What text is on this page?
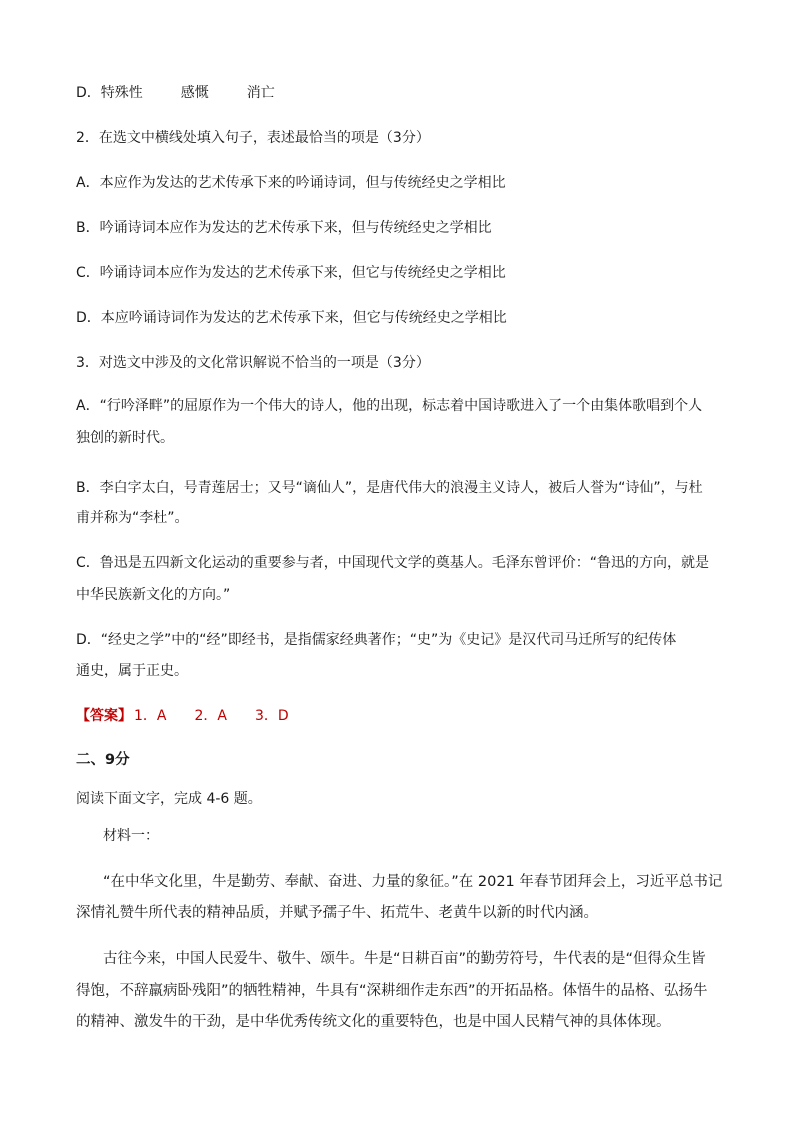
D．特殊性	感慨	消亡
2．在选文中横线处填入句子，表述最恰当的项是（3分）
A．本应作为发达的艺术传承下来的吟诵诗词，但与传统经史之学相比
B．吟诵诗词本应作为发达的艺术传承下来，但与传统经史之学相比
C．吟诵诗词本应作为发达的艺术传承下来，但它与传统经史之学相比
D．本应吟诵诗词作为发达的艺术传承下来，但它与传统经史之学相比
3．对选文中涉及的文化常识解说不恰当的一项是（3分）
A．“行吟泽畔”的屈原作为一个伟大的诗人，他的出现，标志着中国诗歌进入了一个由集体歌唱到个人
独创的新时代。
B．李白字太白，号青莲居士；又号“谪仙人”，是唐代伟大的浪漫主义诗人，被后人誉为“诗仙”，与杜
甫并称为“李杜”。
C．鲁迅是五四新文化运动的重要参与者，中国现代文学的奠基人。毛泽东曾评价：“鲁迅的方向，就是
中华民族新文化的方向。”
D．“经史之学”中的“经”即经书，是指儒家经典著作；“史”为《史记》是汉代司马迁所写的纪传体
通史，属于正史。
【答案】 1．A　　2．A　　3．D
二、9分
阅读下面文字，完成 4-6 题。
材料一：
“在中华文化里，牛是勤劳、奉献、奋进、力量的象征。”在 2021 年春节团拜会上，习近平总书记
深情礼赞牛所代表的精神品质，并赋予孺子牛、拓荒牛、老黄牛以新的时代内涵。
古往今来，中国人民爱牛、敬牛、颂牛。牛是“日耕百亩”的勤劳符号，牛代表的是“但得众生皆
得饱，不辞羸病卧残阳”的牺牲精神，牛具有“深耕细作走东西”的开拓品格。体悟牛的品格、弘扬牛
的精神、激发牛的干劲，是中华优秀传统文化的重要特色，也是中国人民精气神的具体体现。
